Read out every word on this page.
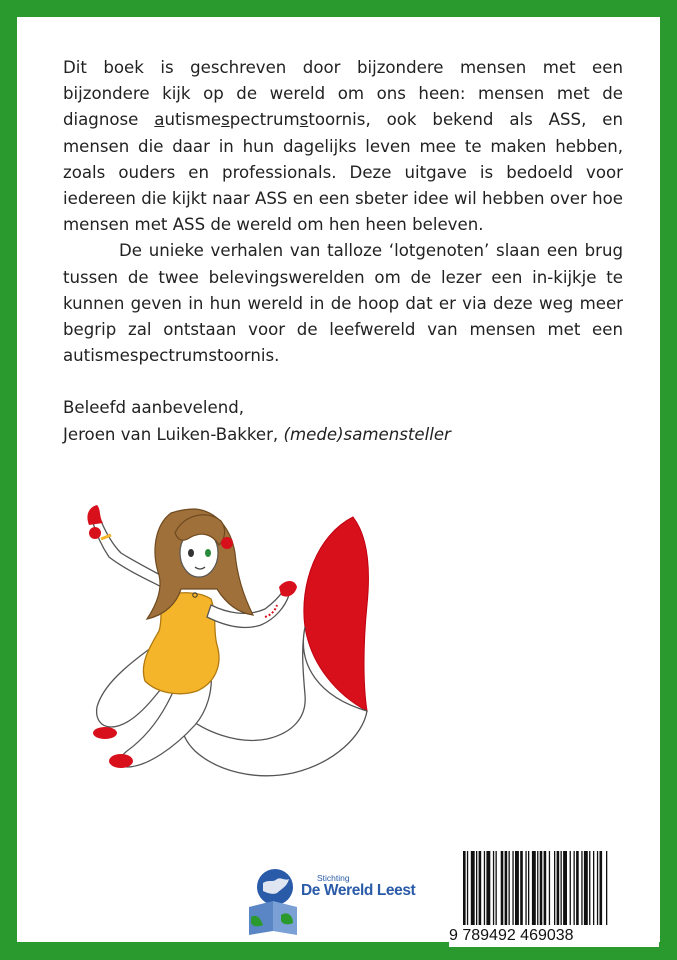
Dit boek is geschreven door bijzondere mensen met een bijzondere kijk op de wereld om ons heen: mensen met de diagnose autismespectrumstoornis, ook bekend als ASS, en mensen die daar in hun dagelijks leven mee te maken hebben, zoals ouders en professionals. Deze uitgave is bedoeld voor iedereen die kijkt naar ASS en een sbeter idee wil hebben over hoe mensen met ASS de wereld om hen heen beleven.

De unieke verhalen van talloze ‘lotgenoten’ slaan een brug tussen de twee belevingswerelden om de lezer een in-kijkje te kunnen geven in hun wereld in de hoop dat er via deze weg meer begrip zal ontstaan voor de leefwereld van mensen met een autismespectrumstoornis.

Beleefd aanbevelend,

Jeroen van Luiken-Bakker, (mede)samensteller

Stichting
De Wereld Leest
9 789492 469038
